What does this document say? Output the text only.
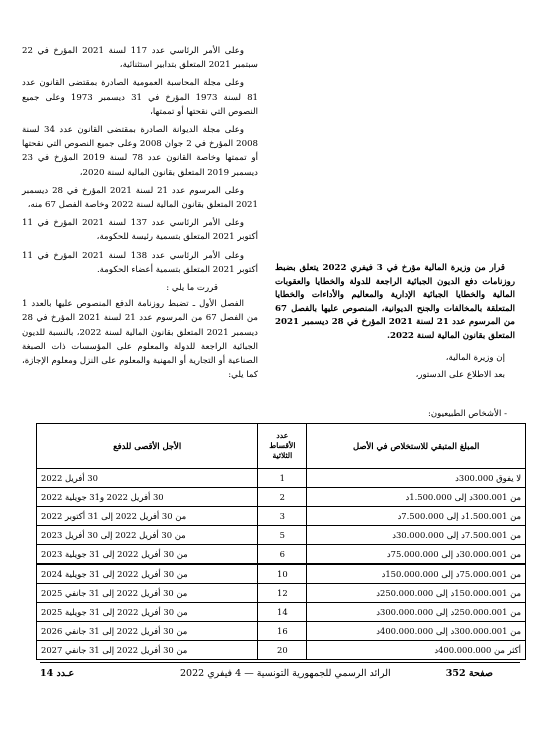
وعلى الأمر الرئاسي عدد 117 لسنة 2021 المؤرخ في 22 سبتمبر 2021 المتعلق بتدابير استثنائية،

وعلى مجلة المحاسبة العمومية الصادرة بمقتضى القانون عدد 81 لسنة 1973 المؤرخ في 31 ديسمبر 1973 وعلى جميع النصوص التي نقحتها أو تممتها،

وعلى مجلة الديوانة الصادرة بمقتضى القانون عدد 34 لسنة 2008 المؤرخ في 2 جوان 2008 وعلى جميع النصوص التي نقحتها أو تممتها وخاصة القانون عدد 78 لسنة 2019 المؤرخ في 23 ديسمبر 2019 المتعلق بقانون المالية لسنة 2020،

وعلى المرسوم عدد 21 لسنة 2021 المؤرخ في 28 ديسمبر 2021 المتعلق بقانون المالية لسنة 2022 وخاصة الفصل 67 منه،

وعلى الأمر الرئاسي عدد 137 لسنة 2021 المؤرخ في 11 أكتوبر 2021 المتعلق بتسمية رئيسة للحكومة،

وعلى الأمر الرئاسي عدد 138 لسنة 2021 المؤرخ في 11 أكتوبر 2021 المتعلق بتسمية أعضاء الحكومة.

قررت ما يلي :

الفصل الأول ـ تضبط روزنامة الدفع المنصوص عليها بالعدد 1 من الفصل 67 من المرسوم عدد 21 لسنة 2021 المؤرخ في 28 ديسمبر 2021 المتعلق بقانون المالية لسنة 2022، بالنسبة للديون الجبائية الراجعة للدولة والمعلوم على المؤسسات ذات الصبغة الصناعية أو التجارية أو المهنية والمعلوم على النزل ومعلوم الإجازة، كما يلي:

قرار من وزيرة المالية مؤرخ في 3 فيفري 2022 يتعلق بضبط روزنامات دفع الديون الجبائية الراجعة للدولة والخطايا والعقوبات المالية والخطايا الجبائية الإدارية والمعاليم والأداءات والخطايا المتعلقة بالمخالفات والجنح الديوانية، المنصوص عليها بالفصل 67 من المرسوم عدد 21 لسنة 2021 المؤرخ في 28 ديسمبر 2021 المتعلق بقانون المالية لسنة 2022.

إن وزيرة المالية،

بعد الاطلاع على الدستور،

- الأشخاص الطبيعيون:
المبلغ المتبقي للاستخلاص في الأصل	عدد الأقساط الثلاثية	الأجل الأقصى للدفع
لا يفوق 300.000د	1	30 أفريل 2022
من 300.001د إلى 1.500.000د	2	30 أفريل 2022 و31 جويلية 2022
من 1.500.001د إلى 7.500.000د	3	من 30 أفريل 2022 إلى 31 أكتوبر 2022
من 7.500.001د إلى 30.000.000د	5	من 30 أفريل 2022 إلى 30 أفريل 2023
من 30.000.001د إلى 75.000.000د	6	من 30 أفريل 2022 إلى 31 جويلية 2023
من 75.000.001د إلى 150.000.000د	10	من 30 أفريل 2022 إلى 31 جويلية 2024
من 150.000.001د إلى 250.000.000د	12	من 30 أفريل 2022 إلى 31 جانفي 2025
من 250.000.001د إلى 300.000.000د	14	من 30 أفريل 2022 إلى 31 جويلية 2025
من 300.000.001د إلى 400.000.000د	16	من 30 أفريل 2022 إلى 31 جانفي 2026
أكثر من 400.000.000د	20	من 30 أفريل 2022 إلى 31 جانفي 2027
عـدد 14	الرائد الرسمي للجمهورية التونسية — 4 فيفري 2022	صفحة 352
